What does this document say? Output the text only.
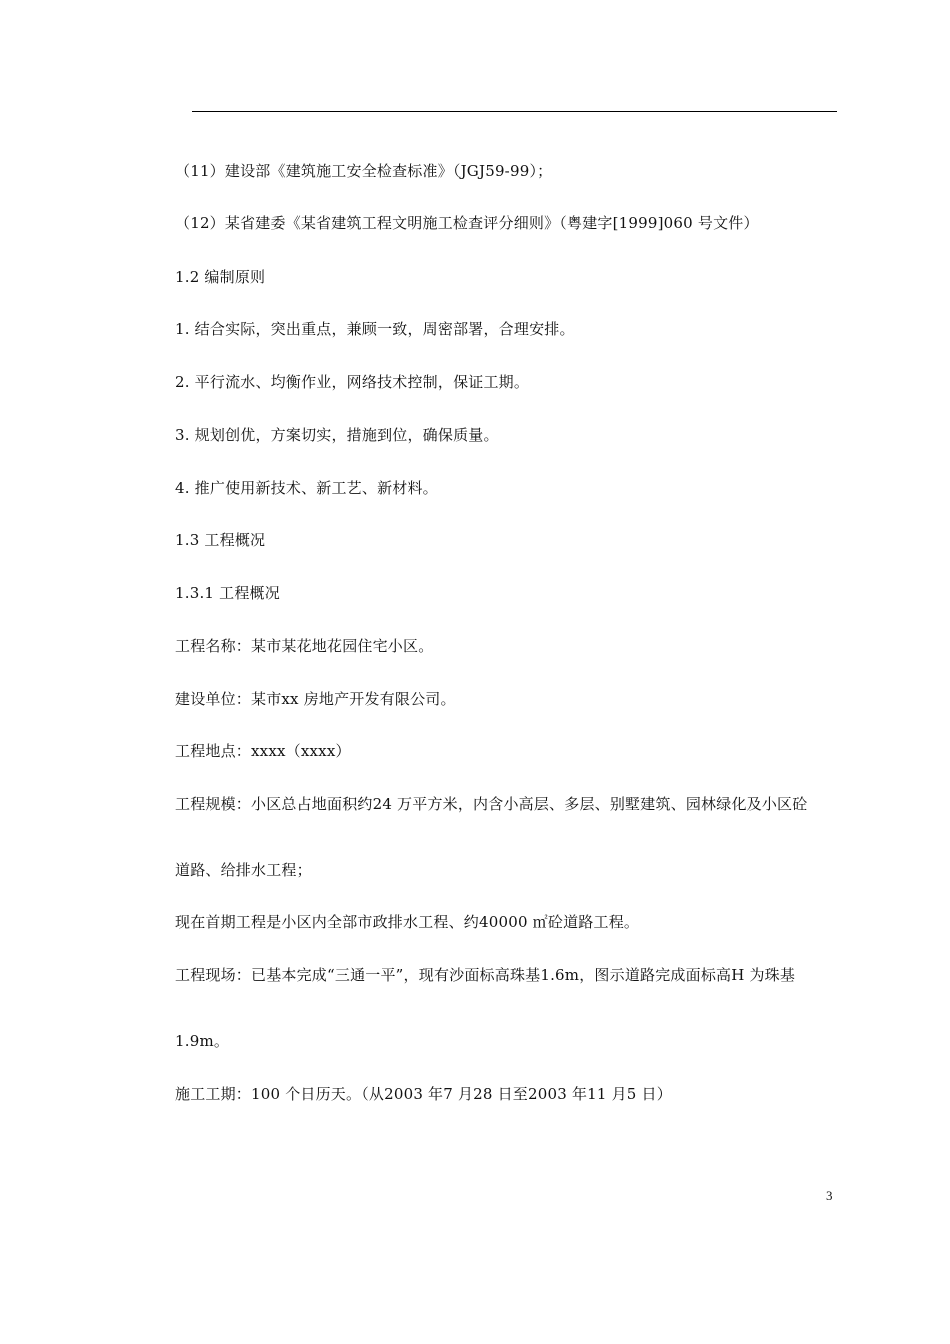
（11）建设部《建筑施工安全检查标准》（JGJ59-99）；
（12）某省建委《某省建筑工程文明施工检查评分细则》（粤建字[1999]060 号文件）
1.2 编制原则
1. 结合实际，突出重点，兼顾一致，周密部署，合理安排。
2. 平行流水、均衡作业，网络技术控制，保证工期。
3. 规划创优，方案切实，措施到位，确保质量。
4. 推广使用新技术、新工艺、新材料。
1.3 工程概况
1.3.1 工程概况
工程名称：某市某花地花园住宅小区。
建设单位：某市xx 房地产开发有限公司。
工程地点：xxxx（xxxx）
工程规模：小区总占地面积约24 万平方米，内含小高层、多层、别墅建筑、园林绿化及小区砼
道路、给排水工程；
现在首期工程是小区内全部市政排水工程、约40000 ㎡砼道路工程。
工程现场：已基本完成“三通一平”，现有沙面标高珠基1.6m，图示道路完成面标高H 为珠基
1.9m。
施工工期：100 个日历天。（从2003 年7 月28 日至2003 年11 月5 日）
3
